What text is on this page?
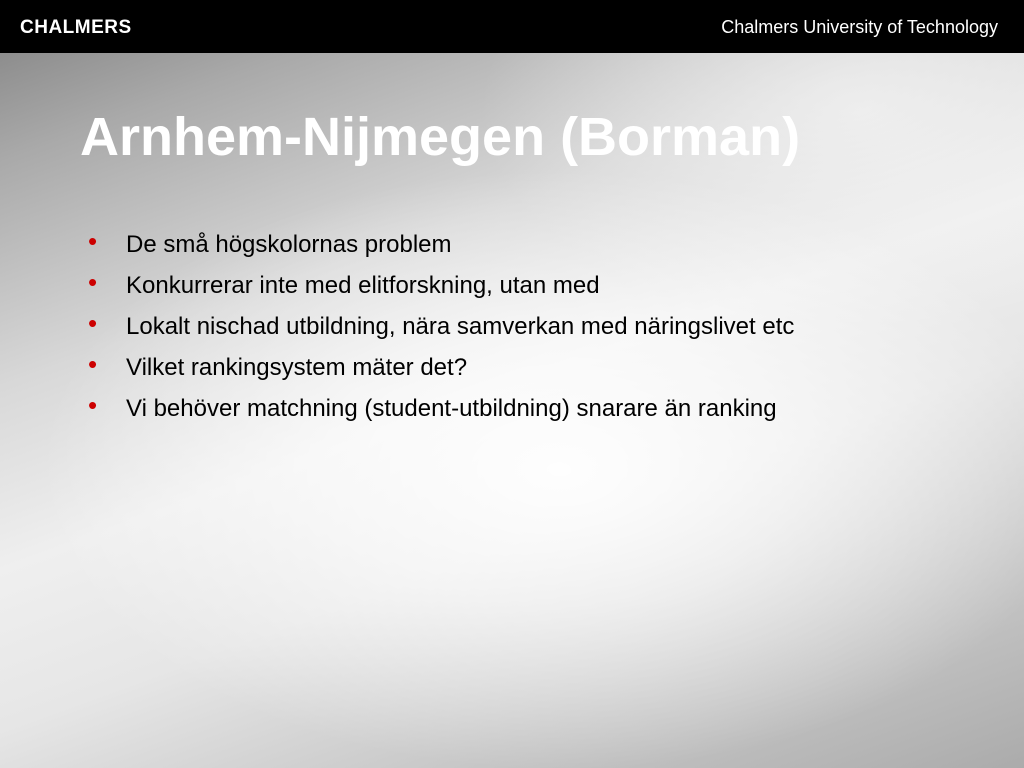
CHALMERS	Chalmers University of Technology
Arnhem-Nijmegen (Borman)
• De små högskolornas problem
• Konkurrerar inte med elitforskning, utan med
• Lokalt nischad utbildning, nära samverkan med näringslivet etc
• Vilket rankingsystem mäter det?
• Vi behöver matchning (student-utbildning) snarare än ranking
